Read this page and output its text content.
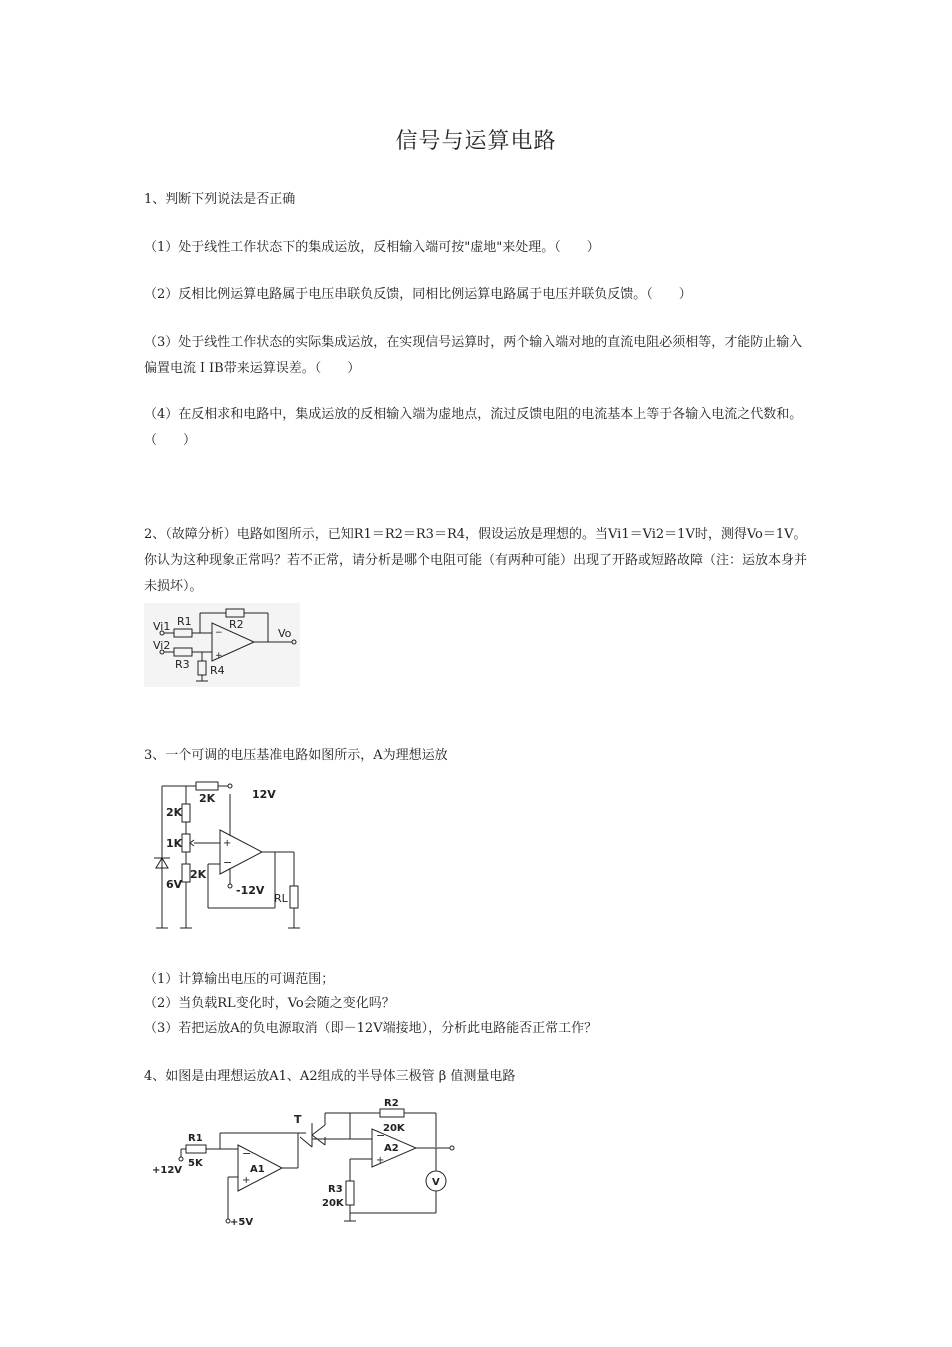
信号与运算电路

1、判断下列说法是否正确

（1）处于线性工作状态下的集成运放，反相输入端可按"虚地"来处理。（　　）

（2）反相比例运算电路属于电压串联负反馈，同相比例运算电路属于电压并联负反馈。（　　）

（3）处于线性工作状态的实际集成运放，在实现信号运算时，两个输入端对地的直流电阻必须相等，才能防止输入偏置电流ＩIB带来运算误差。（　　）

（4）在反相求和电路中，集成运放的反相输入端为虚地点，流过反馈电阻的电流基本上等于各输入电流之代数和。（　　）

2、（故障分析）电路如图所示，已知R1＝R2＝R3＝R4，假设运放是理想的。当Vi1＝Vi2＝1V时，测得Vo＝1V。你认为这种现象正常吗？若不正常，请分析是哪个电阻可能（有两种可能）出现了开路或短路故障（注：运放本身并未损坏）。

−
+
Vi1
Vi2
R1	R2
R3 R4
Vo

3、一个可调的电压基准电路如图所示，A为理想运放

+
−
2K	12V
2K
1K
2K
6V	-12V
RL

（1）计算输出电压的可调范围；

（2）当负载RL变化时，Vo会随之变化吗？

（3）若把运放A的负电源取消（即－12V端接地），分析此电路能否正常工作？

4、如图是由理想运放A1、A2组成的半导体三极管 β 值测量电路

−
+
−
+
R1
5K
+12V	A1
T
R2
20K
A2
R3
20K
V
+5V
